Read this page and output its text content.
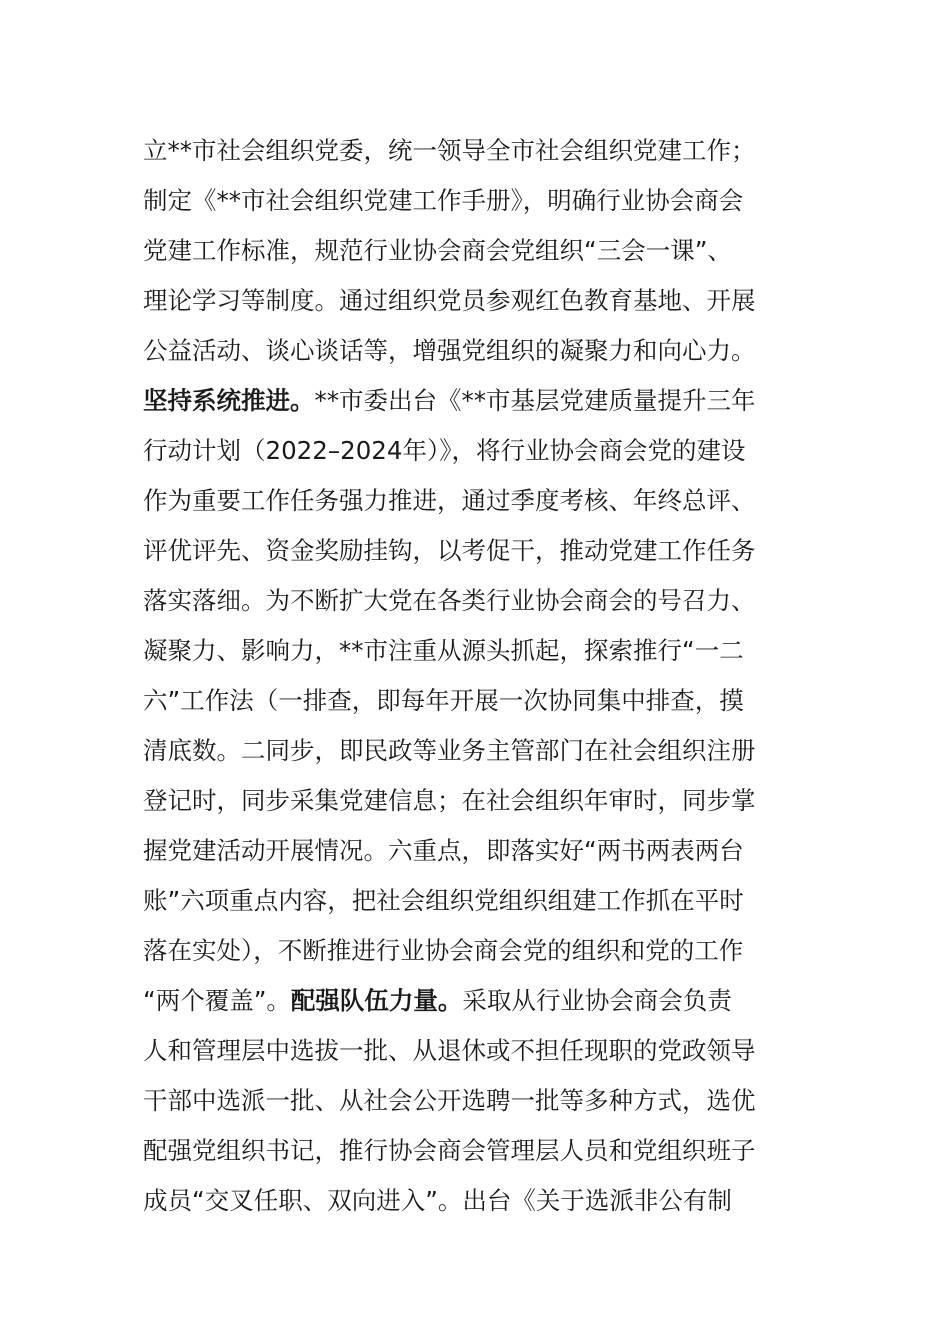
立**市社会组织党委，统一领导全市社会组织党建工作；
制定《**市社会组织党建工作手册》，明确行业协会商会
党建工作标准，规范行业协会商会党组织“三会一课”、
理论学习等制度。通过组织党员参观红色教育基地、开展
公益活动、谈心谈话等，增强党组织的凝聚力和向心力。
坚持系统推进。**市委出台《**市基层党建质量提升三年
行动计划（2022–2024年）》，将行业协会商会党的建设
作为重要工作任务强力推进，通过季度考核、年终总评、
评优评先、资金奖励挂钩，以考促干，推动党建工作任务
落实落细。为不断扩大党在各类行业协会商会的号召力、
凝聚力、影响力，**市注重从源头抓起，探索推行“一二
六”工作法（一排查，即每年开展一次协同集中排查，摸
清底数。二同步，即民政等业务主管部门在社会组织注册
登记时，同步采集党建信息；在社会组织年审时，同步掌
握党建活动开展情况。六重点，即落实好“两书两表两台
账”六项重点内容，把社会组织党组织组建工作抓在平时
落在实处），不断推进行业协会商会党的组织和党的工作
“两个覆盖”。配强队伍力量。采取从行业协会商会负责
人和管理层中选拔一批、从退休或不担任现职的党政领导
干部中选派一批、从社会公开选聘一批等多种方式，选优
配强党组织书记，推行协会商会管理层人员和党组织班子
成员“交叉任职、双向进入”。出台《关于选派非公有制
